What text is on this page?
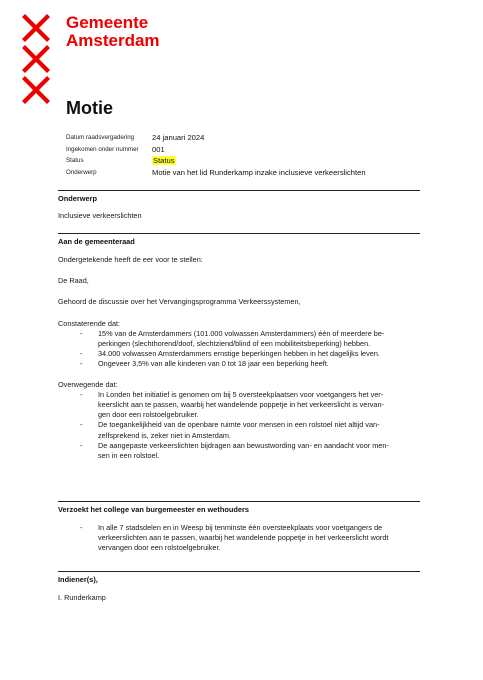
Gemeente
Amsterdam
Motie
Datum raadsvergadering	24 januari 2024
Ingekomen onder nummer	001
Status	Status
Onderwerp	Motie van het lid Runderkamp inzake inclusieve verkeerslichten
Onderwerp

Inclusieve verkeerslichten

Aan de gemeenteraad

Ondergetekende heeft de eer voor te stellen:

De Raad,

Gehoord de discussie over het Vervangingsprogramma Verkeerssystemen,

Constaterende dat:

- 15% van de Amsterdammers (101.000 volwassen Amsterdammers) één of meerdere be-
perkingen (slechthorend/doof, slechtziend/blind of een mobiliteitsbeperking) hebben.
- 34.000 volwassen Amsterdammers ernstige beperkingen hebben in het dagelijks leven.
- Ongeveer 3,5% van alle kinderen van 0 tot 18 jaar een beperking heeft.

Overwegende dat:

- In Londen het initiatief is genomen om bij 5 oversteekplaatsen voor voetgangers het ver-
keerslicht aan te passen, waarbij het wandelende poppetje in het verkeerslicht is vervan-
gen door een rolstoelgebruiker.
- De toegankelijkheid van de openbare ruimte voor mensen in een rolstoel niet altijd van-
zelfsprekend is, zeker niet in Amsterdam.
- De aangepaste verkeerslichten bijdragen aan bewustwording van- en aandacht voor men-
sen in een rolstoel.
Verzoekt het college van burgemeester en wethouders
- In alle 7 stadsdelen en in Weesp bij tenminste één oversteekplaats voor voetgangers de
verkeerslichten aan te passen, waarbij het wandelende poppetje in het verkeerslicht wordt
vervangen door een rolstoelgebruiker.
Indiener(s),

I. Runderkamp
